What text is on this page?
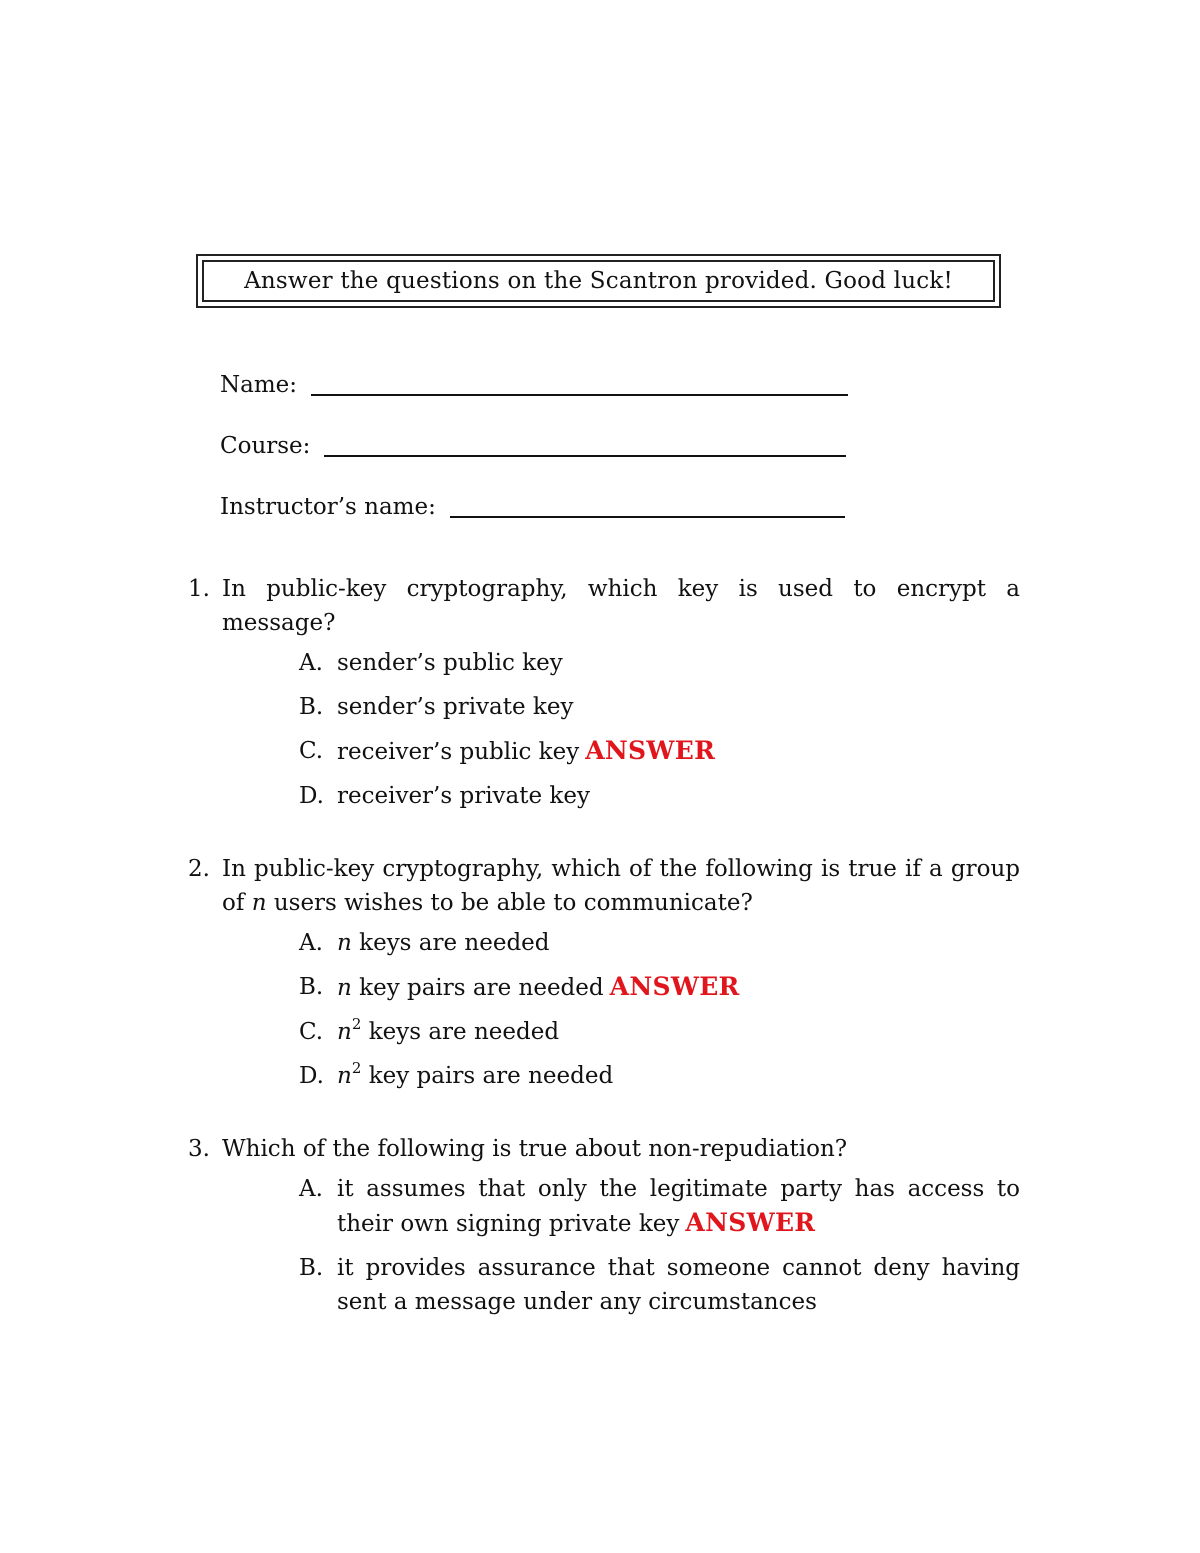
Answer the questions on the Scantron provided. Good luck!
Name:
Course:
Instructor’s name:
1. In public-key cryptography, which key is used to encrypt a message?
A. sender’s public key
B. sender’s private key
C. receiver’s public key ANSWER
D. receiver’s private key
2. In public-key cryptography, which of the following is true if a group of n users wishes to be able to communicate?
A. n keys are needed
B. n key pairs are needed ANSWER
C. $n^2$ keys are needed
D. $n^2$ key pairs are needed
3. Which of the following is true about non-repudiation?
A. it assumes that only the legitimate party has access to their own signing private key ANSWER
B. it provides assurance that someone cannot deny having sent a message under any circumstances
